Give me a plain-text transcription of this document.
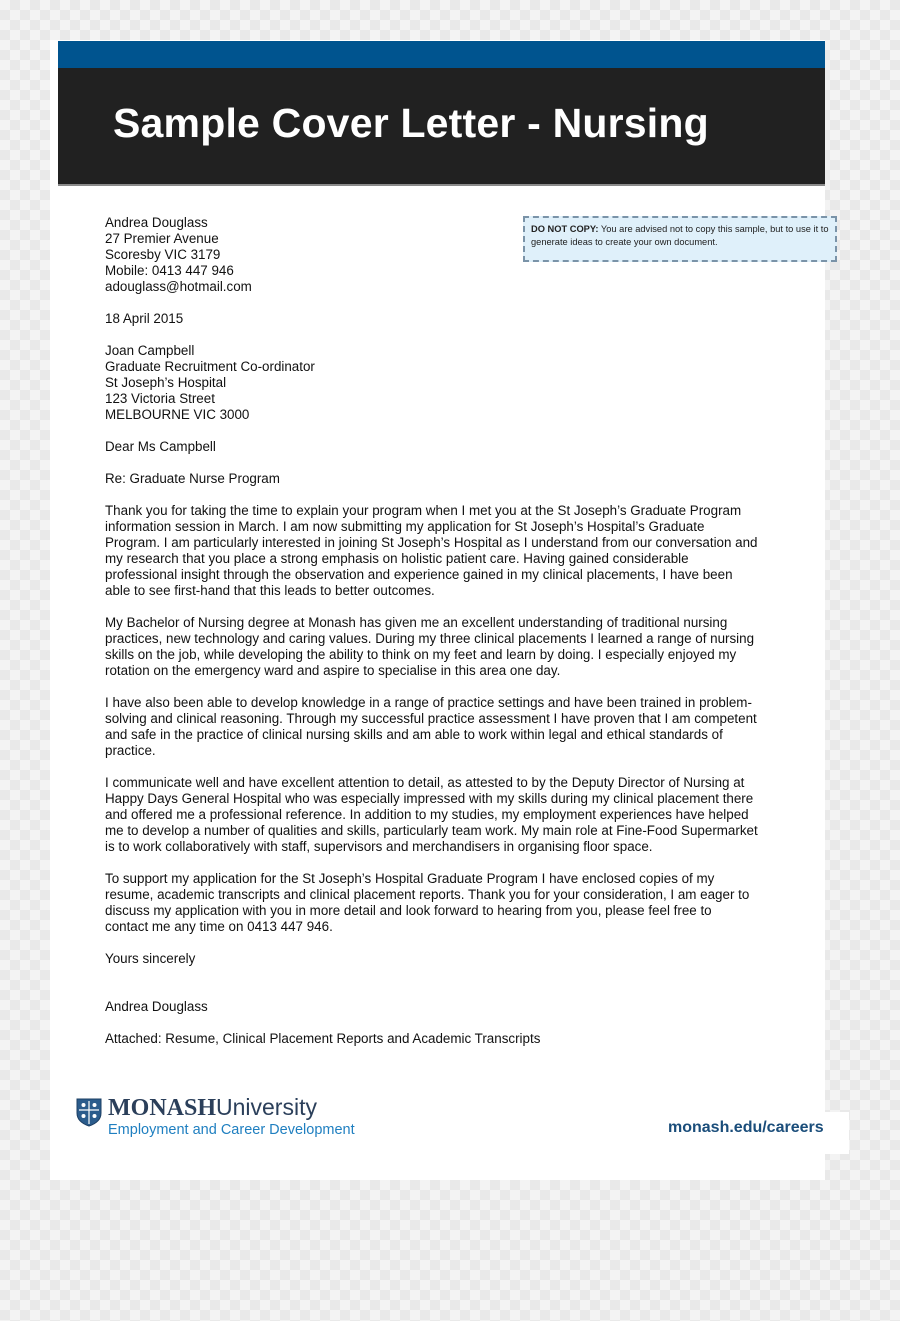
Sample Cover Letter - Nursing
DO NOT COPY: You are advised not to copy this sample, but to use it to generate ideas to create your own document.
Andrea Douglass
27 Premier Avenue
Scoresby VIC 3179
Mobile: 0413 447 946
adouglass@hotmail.com
18 April 2015
Joan Campbell
Graduate Recruitment Co-ordinator
St Joseph’s Hospital
123 Victoria Street
MELBOURNE VIC 3000
Dear Ms Campbell
Re: Graduate Nurse Program
Thank you for taking the time to explain your program when I met you at the St Joseph’s Graduate Program
information session in March. I am now submitting my application for St Joseph’s Hospital’s Graduate
Program. I am particularly interested in joining St Joseph’s Hospital as I understand from our conversation and
my research that you place a strong emphasis on holistic patient care. Having gained considerable
professional insight through the observation and experience gained in my clinical placements, I have been
able to see first-hand that this leads to better outcomes.
My Bachelor of Nursing degree at Monash has given me an excellent understanding of traditional nursing
practices, new technology and caring values. During my three clinical placements I learned a range of nursing
skills on the job, while developing the ability to think on my feet and learn by doing. I especially enjoyed my
rotation on the emergency ward and aspire to specialise in this area one day.
I have also been able to develop knowledge in a range of practice settings and have been trained in problem-
solving and clinical reasoning. Through my successful practice assessment I have proven that I am competent
and safe in the practice of clinical nursing skills and am able to work within legal and ethical standards of
practice.
I communicate well and have excellent attention to detail, as attested to by the Deputy Director of Nursing at
Happy Days General Hospital who was especially impressed with my skills during my clinical placement there
and offered me a professional reference. In addition to my studies, my employment experiences have helped
me to develop a number of qualities and skills, particularly team work. My main role at Fine-Food Supermarket
is to work collaboratively with staff, supervisors and merchandisers in organising floor space.
To support my application for the St Joseph’s Hospital Graduate Program I have enclosed copies of my
resume, academic transcripts and clinical placement reports. Thank you for your consideration, I am eager to
discuss my application with you in more detail and look forward to hearing from you, please feel free to
contact me any time on 0413 447 946.
Yours sincerely
Andrea Douglass
Attached: Resume, Clinical Placement Reports and Academic Transcripts
MONASHUniversity
Employment and Career Development	monash.edu/careers
